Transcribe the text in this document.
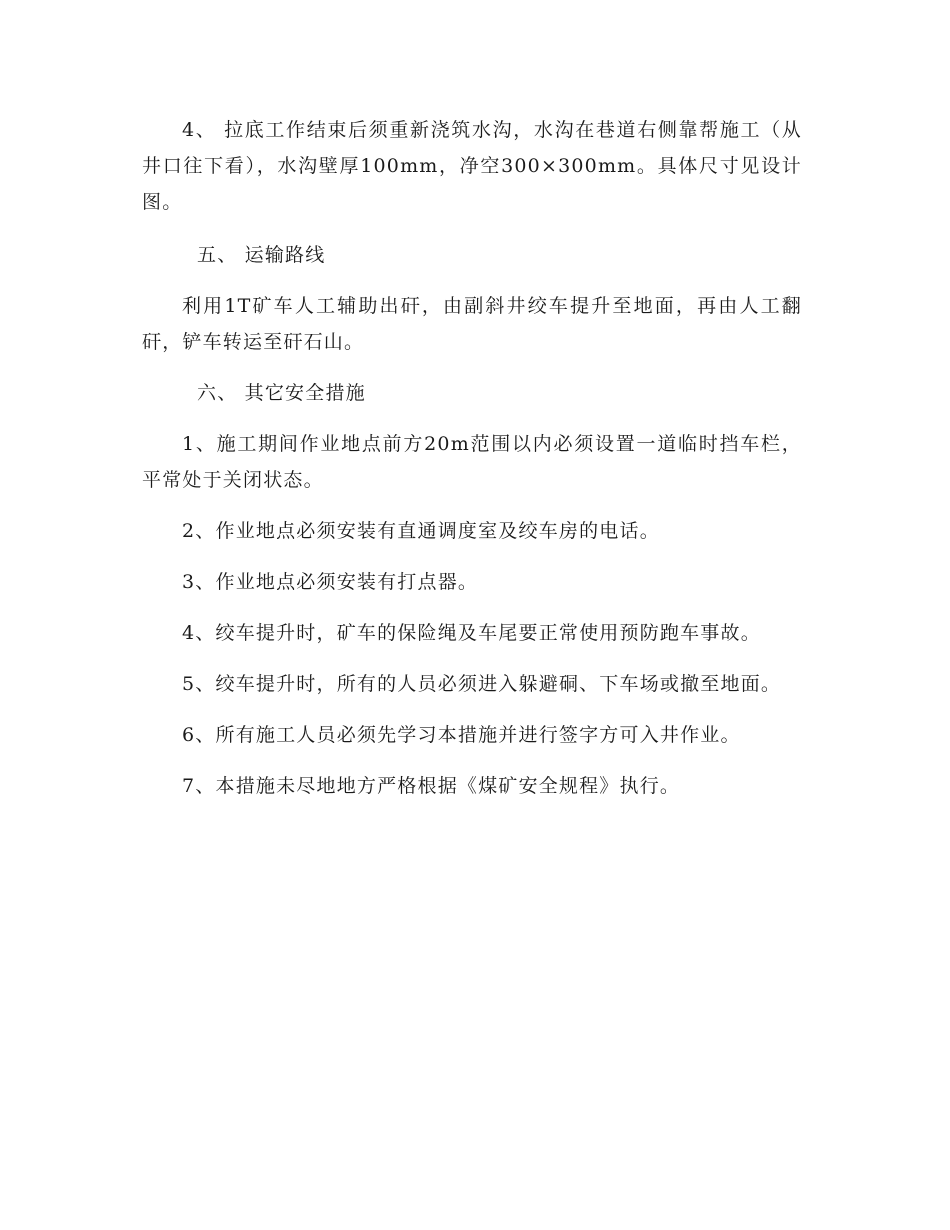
4、 拉底工作结束后须重新浇筑水沟，水沟在巷道右侧靠帮施工（从井口往下看），水沟壁厚100mm，净空300×300mm。具体尺寸见设计图。

五、 运输路线

利用1T矿车人工辅助出矸，由副斜井绞车提升至地面，再由人工翻矸，铲车转运至矸石山。

六、 其它安全措施

1、施工期间作业地点前方20m范围以内必须设置一道临时挡车栏，平常处于关闭状态。

2、作业地点必须安装有直通调度室及绞车房的电话。

3、作业地点必须安装有打点器。

4、绞车提升时，矿车的保险绳及车尾要正常使用预防跑车事故。

5、绞车提升时，所有的人员必须进入躲避硐、下车场或撤至地面。

6、所有施工人员必须先学习本措施并进行签字方可入井作业。

7、本措施未尽地地方严格根据《煤矿安全规程》执行。
